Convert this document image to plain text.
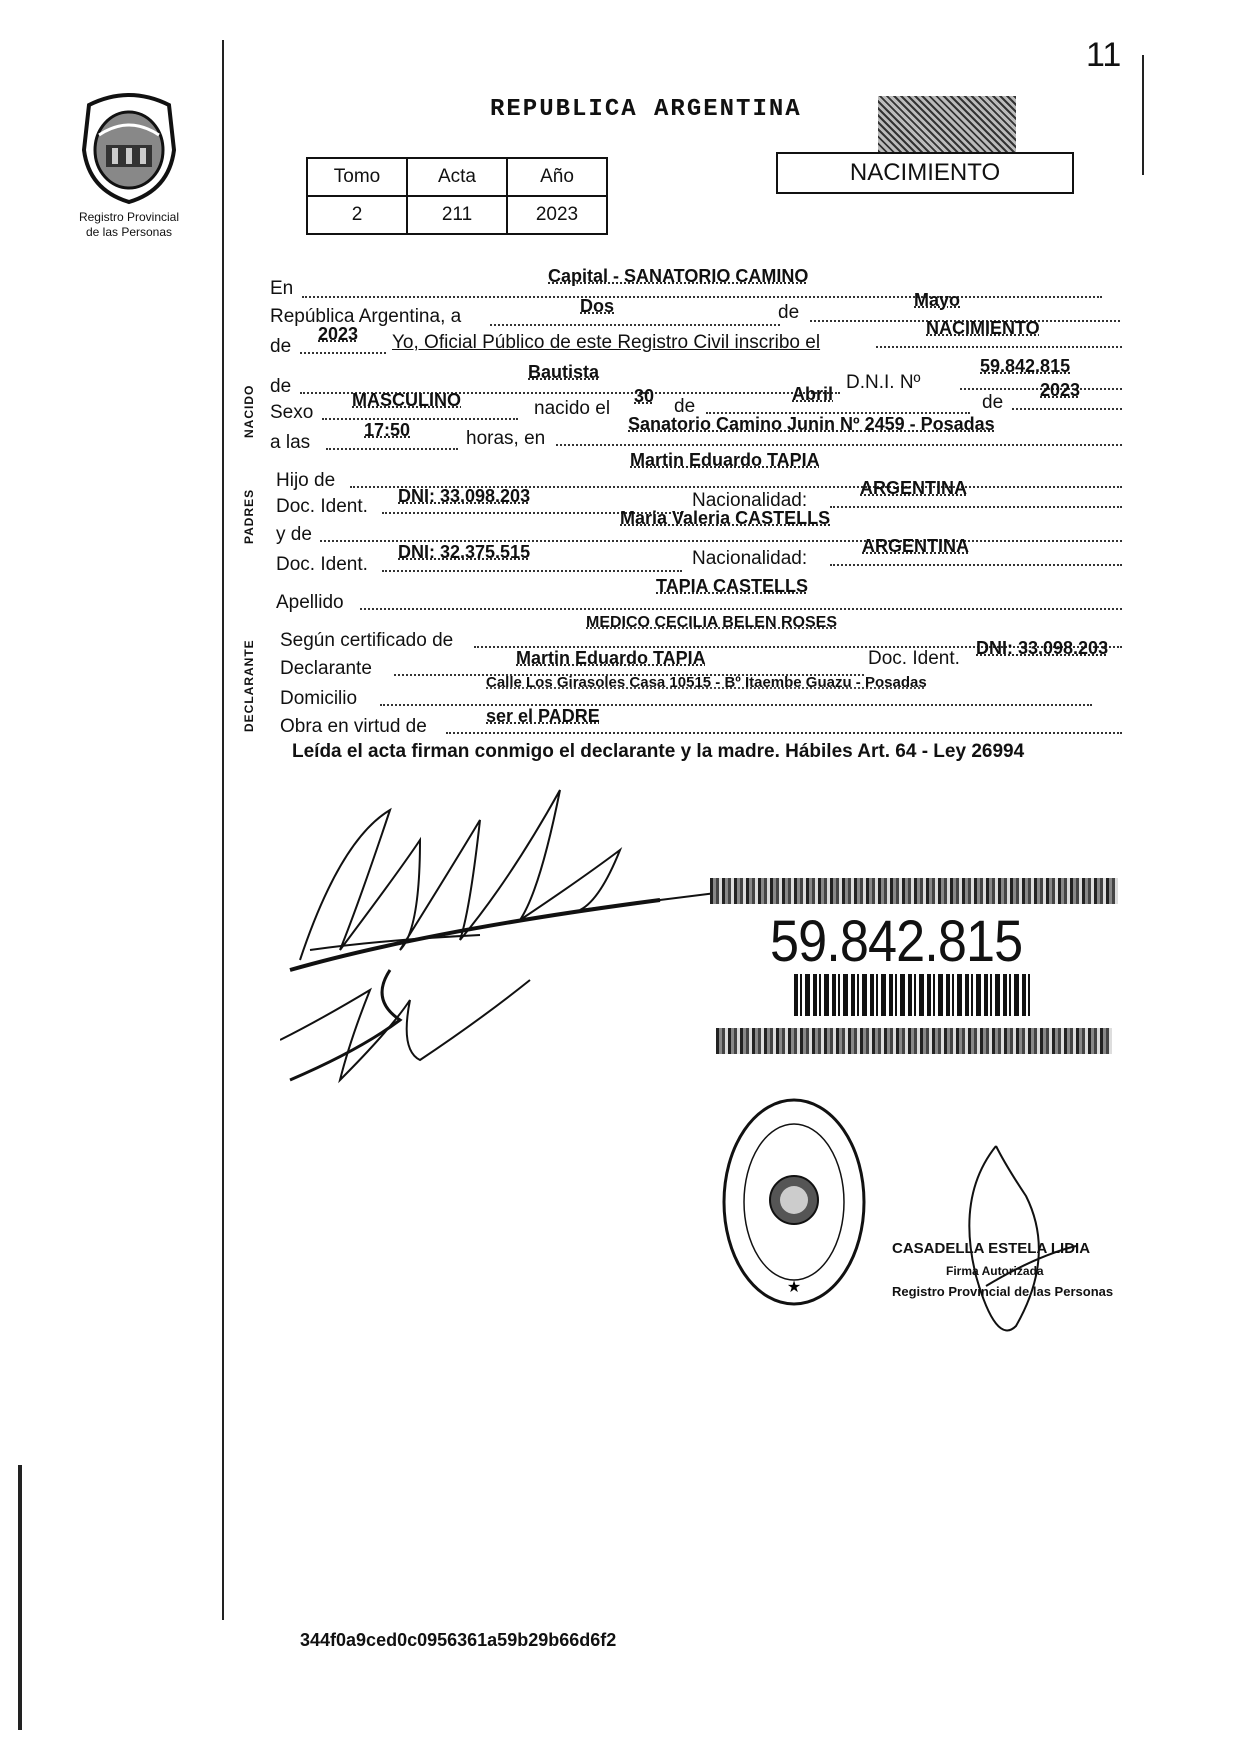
11
Registro Provincial
de las Personas
REPUBLICA ARGENTINA
NACIMIENTO
Tomo	Acta	Año
2	211	2023
NACIDO
PADRES
DECLARANTE
En
Capital - SANATORIO CAMINO
República Argentina, a	Dos	de
Mayo
de
2023 Yo, Oficial Público de este Registro Civil inscribo el
NACIMIENTO
de
Bautista	D.N.I. Nº
59.842.815
Sexo
MASCULINO	nacido el
30 de
Abril	de
2023
a las
17:50	horas, en
Sanatorio Camino Junin Nº 2459 - Posadas
Hijo de
Martin Eduardo TAPIA
Doc. Ident. DNI: 33.098.203	Nacionalidad:
ARGENTINA
y de
Maria Valeria CASTELLS
Doc. Ident.
DNI: 32.375.515	Nacionalidad:
ARGENTINA
Apellido
TAPIA CASTELLS
Según certificado de
MEDICO CECILIA BELEN ROSES
Declarante	Martin Eduardo TAPIA	Doc. Ident. DNI: 33.098.203
Domicilio
Calle Los Girasoles Casa 10515 - Bº Itaembe Guazu - Posadas
Obra en virtud de	ser el PADRE
Leída el acta firman conmigo el declarante y la madre. Hábiles Art. 64 - Ley 26994
59.842.815
★
CASADELLA ESTELA LIDIA
Firma Autorizada
Registro Provincial de las Personas
344f0a9ced0c0956361a59b29b66d6f2
